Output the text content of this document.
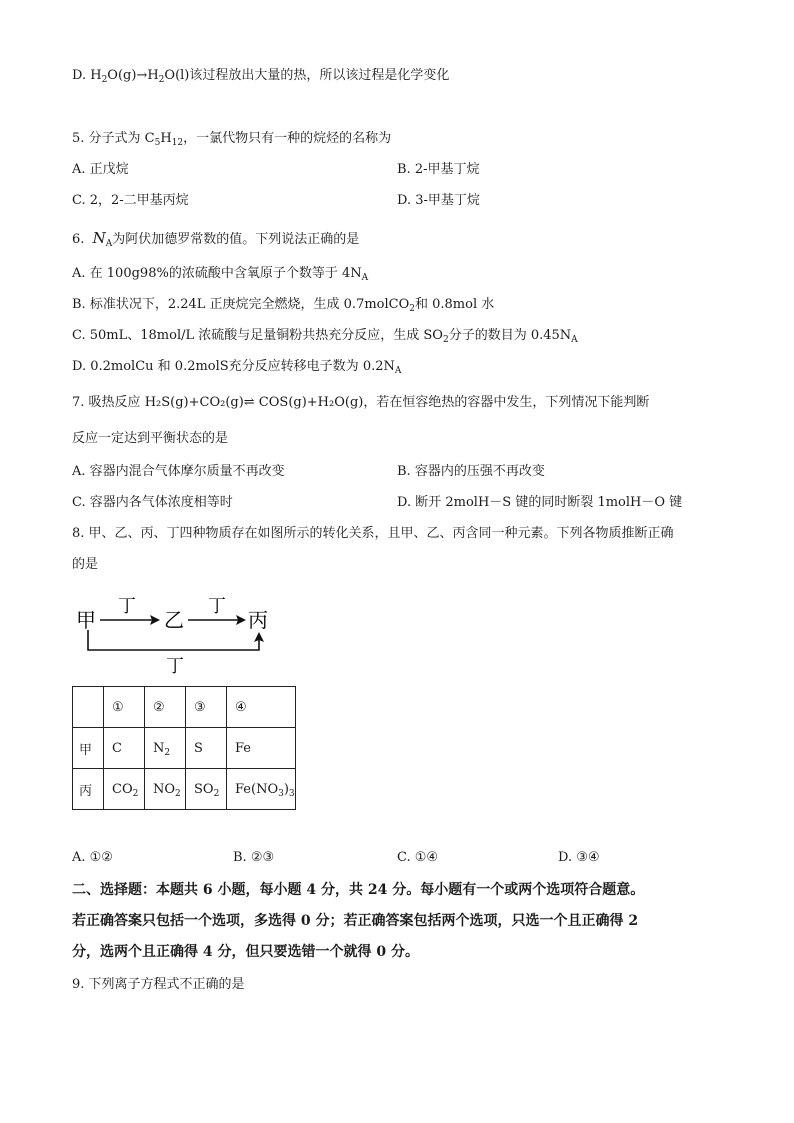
D. $H_2O(g)\to H_2O(l)$该过程放出大量的热，所以该过程是化学变化
5. 分子式为 $C_5H_{12}$，一氯代物只有一种的烷烃的名称为
A. 正戊烷	B. 2-甲基丁烷
C. 2，2-二甲基丙烷	D. 3-甲基丁烷
6. $N_A$为阿伏加德罗常数的值。下列说法正确的是
A. 在 100g98%的浓硫酸中含氧原子个数等于 $4N_A$
B. 标准状况下，2.24L 正庚烷完全燃烧，生成 0.7molCO$_2$和 0.8mol 水
C. 50mL、18mol/L 浓硫酸与足量铜粉共热充分反应，生成 $SO_2$分子的数目为 $0.45N_A$
D. 0.2molCu 和 0.2molS充分反应转移电子数为 $0.2N_A$
7. 吸热反应 H₂S(g)+CO₂(g)⇌ COS(g)+H₂O(g)，若在恒容绝热的容器中发生，下列情况下能判断
反应一定达到平衡状态的是
A. 容器内混合气体摩尔质量不再改变	B. 容器内的压强不再改变
C. 容器内各气体浓度相等时	D. 断开 2molH－S 键的同时断裂 1molH－O 键
8. 甲、乙、丙、丁四种物质存在如图所示的转化关系，且甲、乙、丙含同一种元素。下列各物质推断正确
的是
甲	乙	丙
丁	丁
丁
	①	②	③	④
甲	C	$N_2$	S	Fe
丙	$CO_2$	$NO_2$	$SO_2$	$Fe(NO_3)_3$
A. ①②	B. ②③	C. ①④	D. ③④
二、选择题：本题共 6 小题，每小题 4 分，共 24 分。每小题有一个或两个选项符合题意。
若正确答案只包括一个选项，多选得 0 分；若正确答案包括两个选项，只选一个且正确得 2
分，选两个且正确得 4 分，但只要选错一个就得 0 分。
9. 下列离子方程式不正确的是
